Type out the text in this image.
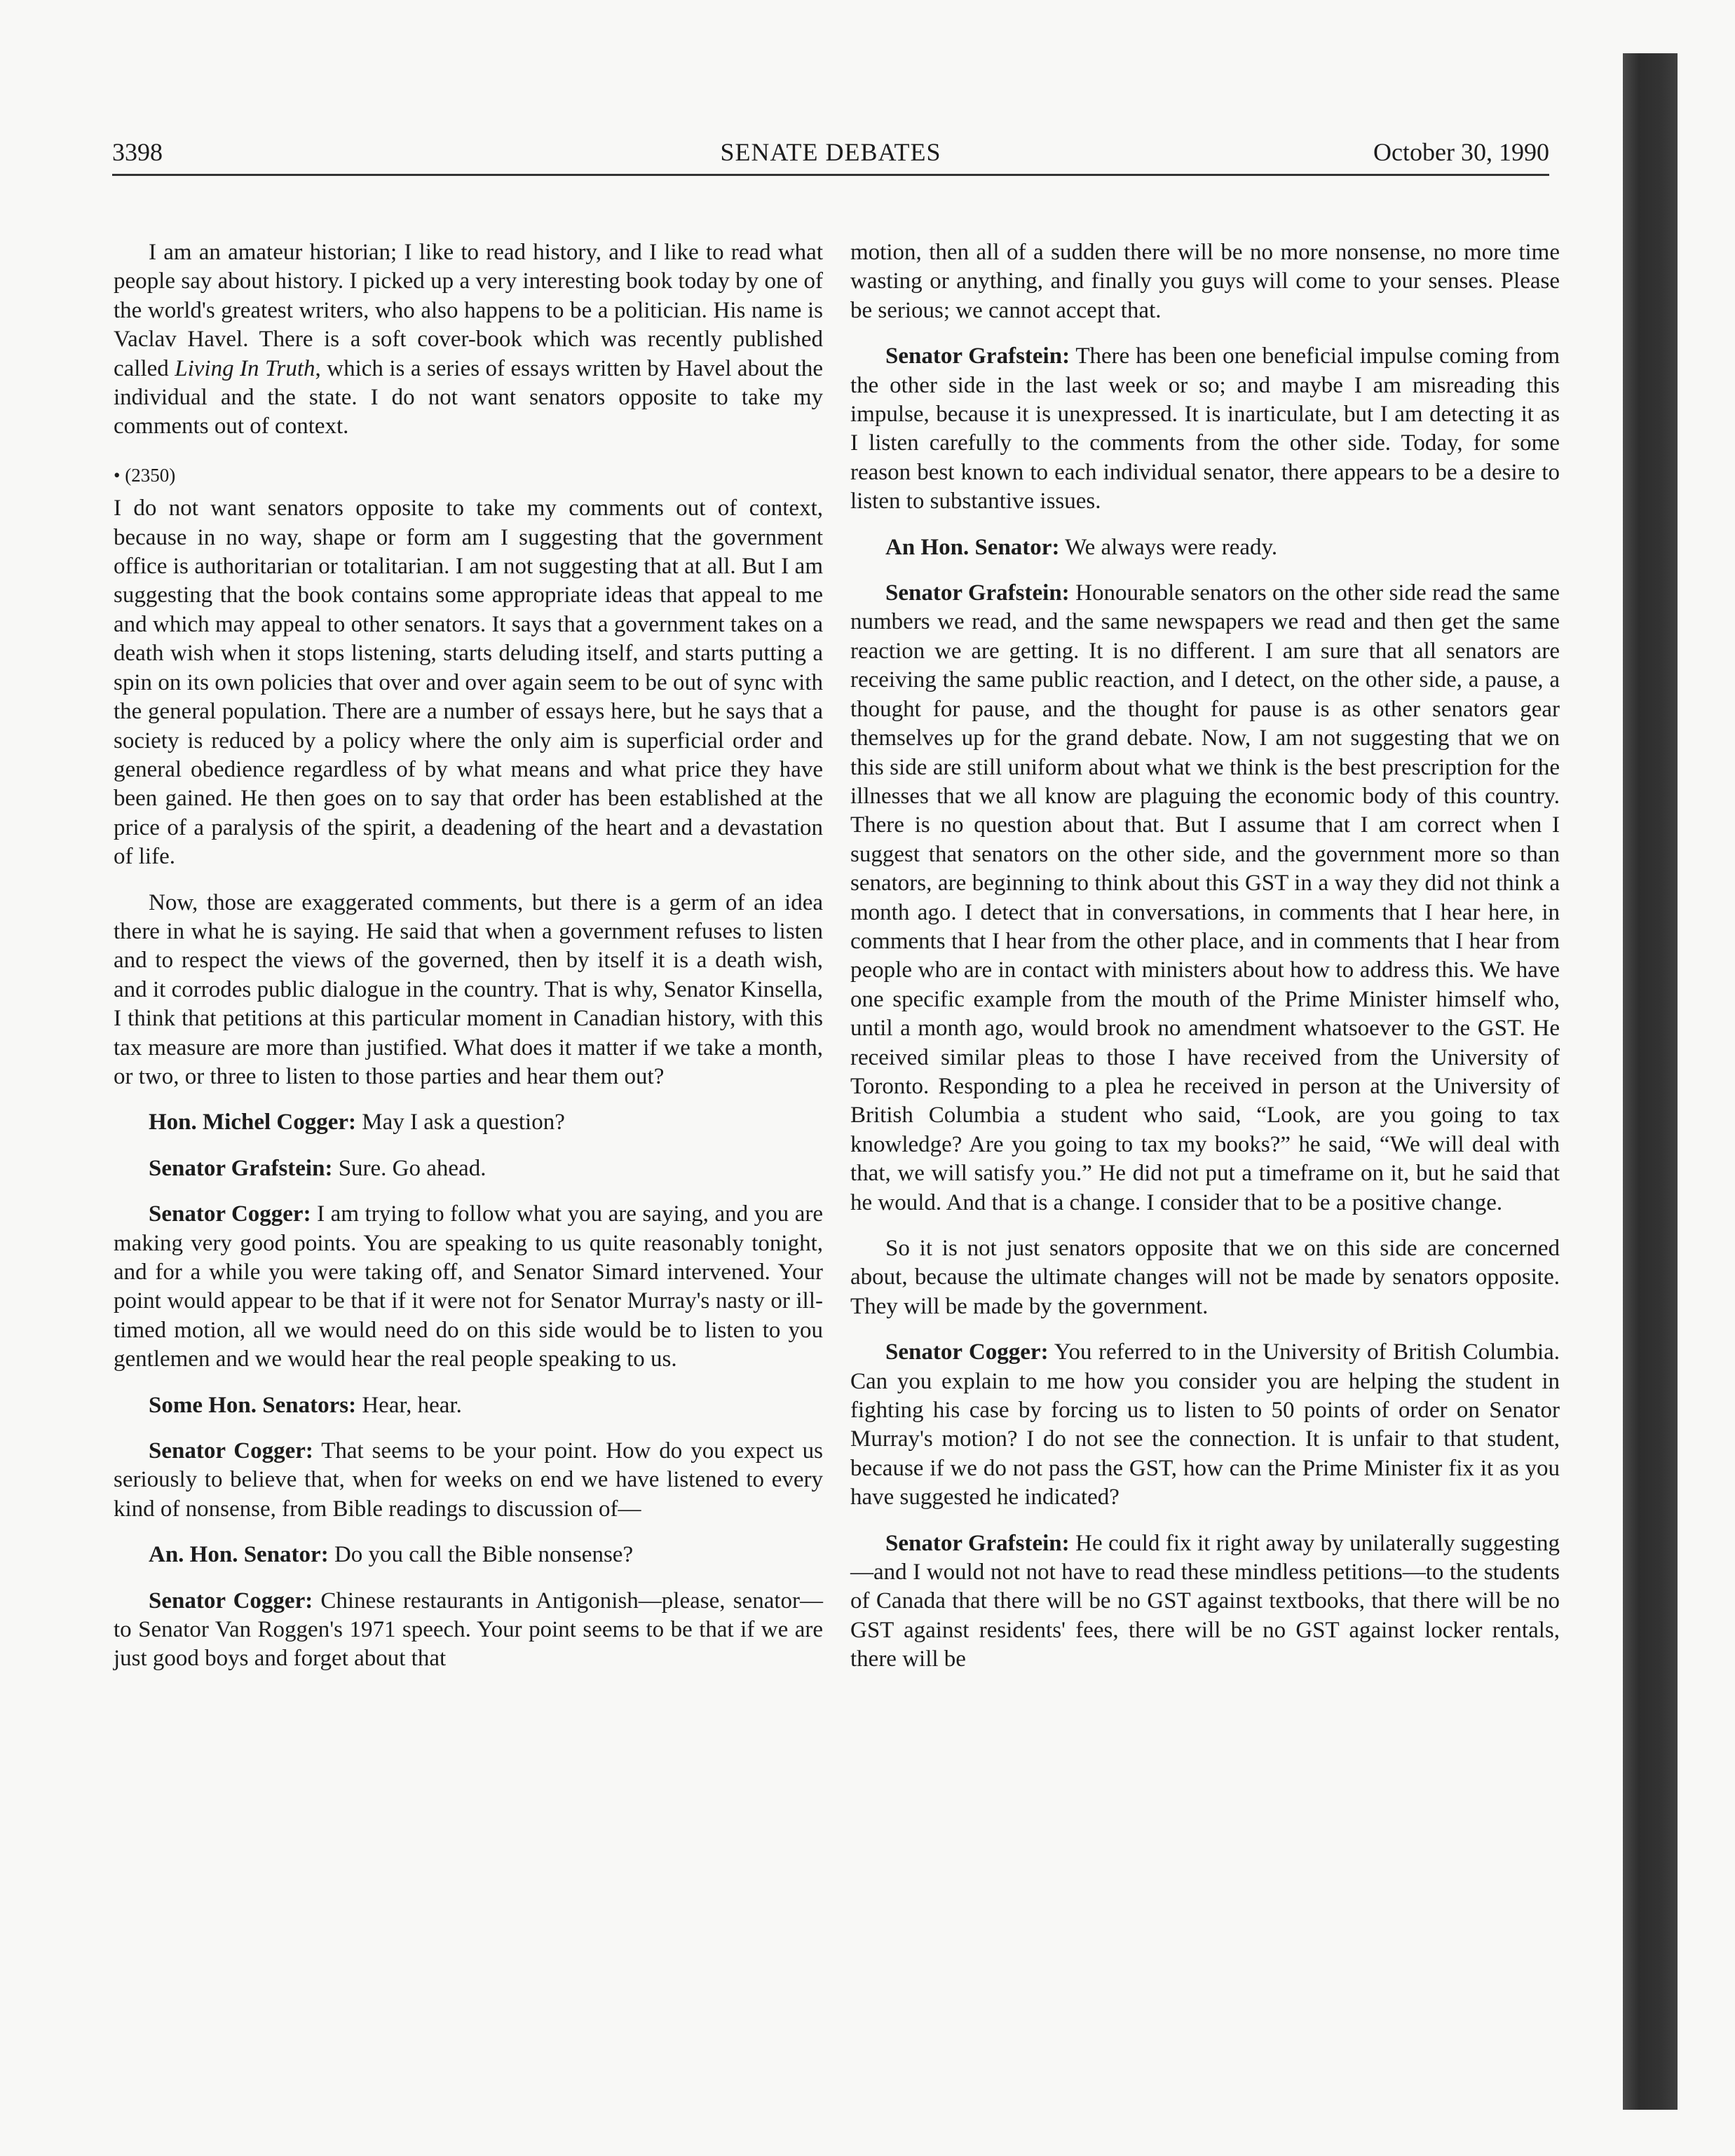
3398	SENATE DEBATES	October 30, 1990

I am an amateur historian; I like to read history, and I like to read what people say about history. I picked up a very interesting book today by one of the world's greatest writers, who also happens to be a politician. His name is Vaclav Havel. There is a soft cover-book which was recently published called Living In Truth, which is a series of essays written by Havel about the individual and the state. I do not want senators opposite to take my comments out of context.

• (2350)

I do not want senators opposite to take my comments out of context, because in no way, shape or form am I suggesting that the government office is authoritarian or totalitarian. I am not suggesting that at all. But I am suggesting that the book contains some appropriate ideas that appeal to me and which may appeal to other senators. It says that a government takes on a death wish when it stops listening, starts deluding itself, and starts putting a spin on its own policies that over and over again seem to be out of sync with the general population. There are a number of essays here, but he says that a society is reduced by a policy where the only aim is superficial order and general obedience regardless of by what means and what price they have been gained. He then goes on to say that order has been established at the price of a paralysis of the spirit, a deadening of the heart and a devastation of life.

Now, those are exaggerated comments, but there is a germ of an idea there in what he is saying. He said that when a government refuses to listen and to respect the views of the governed, then by itself it is a death wish, and it corrodes public dialogue in the country. That is why, Senator Kinsella, I think that petitions at this particular moment in Canadian history, with this tax measure are more than justified. What does it matter if we take a month, or two, or three to listen to those parties and hear them out?

Hon. Michel Cogger: May I ask a question?

Senator Grafstein: Sure. Go ahead.

Senator Cogger: I am trying to follow what you are saying, and you are making very good points. You are speaking to us quite reasonably tonight, and for a while you were taking off, and Senator Simard intervened. Your point would appear to be that if it were not for Senator Murray's nasty or ill-timed motion, all we would need do on this side would be to listen to you gentlemen and we would hear the real people speaking to us.

Some Hon. Senators: Hear, hear.

Senator Cogger: That seems to be your point. How do you expect us seriously to believe that, when for weeks on end we have listened to every kind of nonsense, from Bible readings to discussion of—

An. Hon. Senator: Do you call the Bible nonsense?

Senator Cogger: Chinese restaurants in Antigonish—please, senator—to Senator Van Roggen's 1971 speech. Your point seems to be that if we are just good boys and forget about that

motion, then all of a sudden there will be no more nonsense, no more time wasting or anything, and finally you guys will come to your senses. Please be serious; we cannot accept that.

Senator Grafstein: There has been one beneficial impulse coming from the other side in the last week or so; and maybe I am misreading this impulse, because it is unexpressed. It is inarticulate, but I am detecting it as I listen carefully to the comments from the other side. Today, for some reason best known to each individual senator, there appears to be a desire to listen to substantive issues.

An Hon. Senator: We always were ready.

Senator Grafstein: Honourable senators on the other side read the same numbers we read, and the same newspapers we read and then get the same reaction we are getting. It is no different. I am sure that all senators are receiving the same public reaction, and I detect, on the other side, a pause, a thought for pause, and the thought for pause is as other senators gear themselves up for the grand debate. Now, I am not suggesting that we on this side are still uniform about what we think is the best prescription for the illnesses that we all know are plaguing the economic body of this country. There is no question about that. But I assume that I am correct when I suggest that senators on the other side, and the government more so than senators, are beginning to think about this GST in a way they did not think a month ago. I detect that in conversations, in comments that I hear here, in comments that I hear from the other place, and in comments that I hear from people who are in contact with ministers about how to address this. We have one specific example from the mouth of the Prime Minister himself who, until a month ago, would brook no amendment whatsoever to the GST. He received similar pleas to those I have received from the University of Toronto. Responding to a plea he received in person at the University of British Columbia a student who said, “Look, are you going to tax knowledge? Are you going to tax my books?” he said, “We will deal with that, we will satisfy you.” He did not put a timeframe on it, but he said that he would. And that is a change. I consider that to be a positive change.

So it is not just senators opposite that we on this side are concerned about, because the ultimate changes will not be made by senators opposite. They will be made by the government.

Senator Cogger: You referred to in the University of British Columbia. Can you explain to me how you consider you are helping the student in fighting his case by forcing us to listen to 50 points of order on Senator Murray's motion? I do not see the connection. It is unfair to that student, because if we do not pass the GST, how can the Prime Minister fix it as you have suggested he indicated?

Senator Grafstein: He could fix it right away by unilaterally suggesting—and I would not not have to read these mindless petitions—to the students of Canada that there will be no GST against textbooks, that there will be no GST against residents' fees, there will be no GST against locker rentals, there will be
